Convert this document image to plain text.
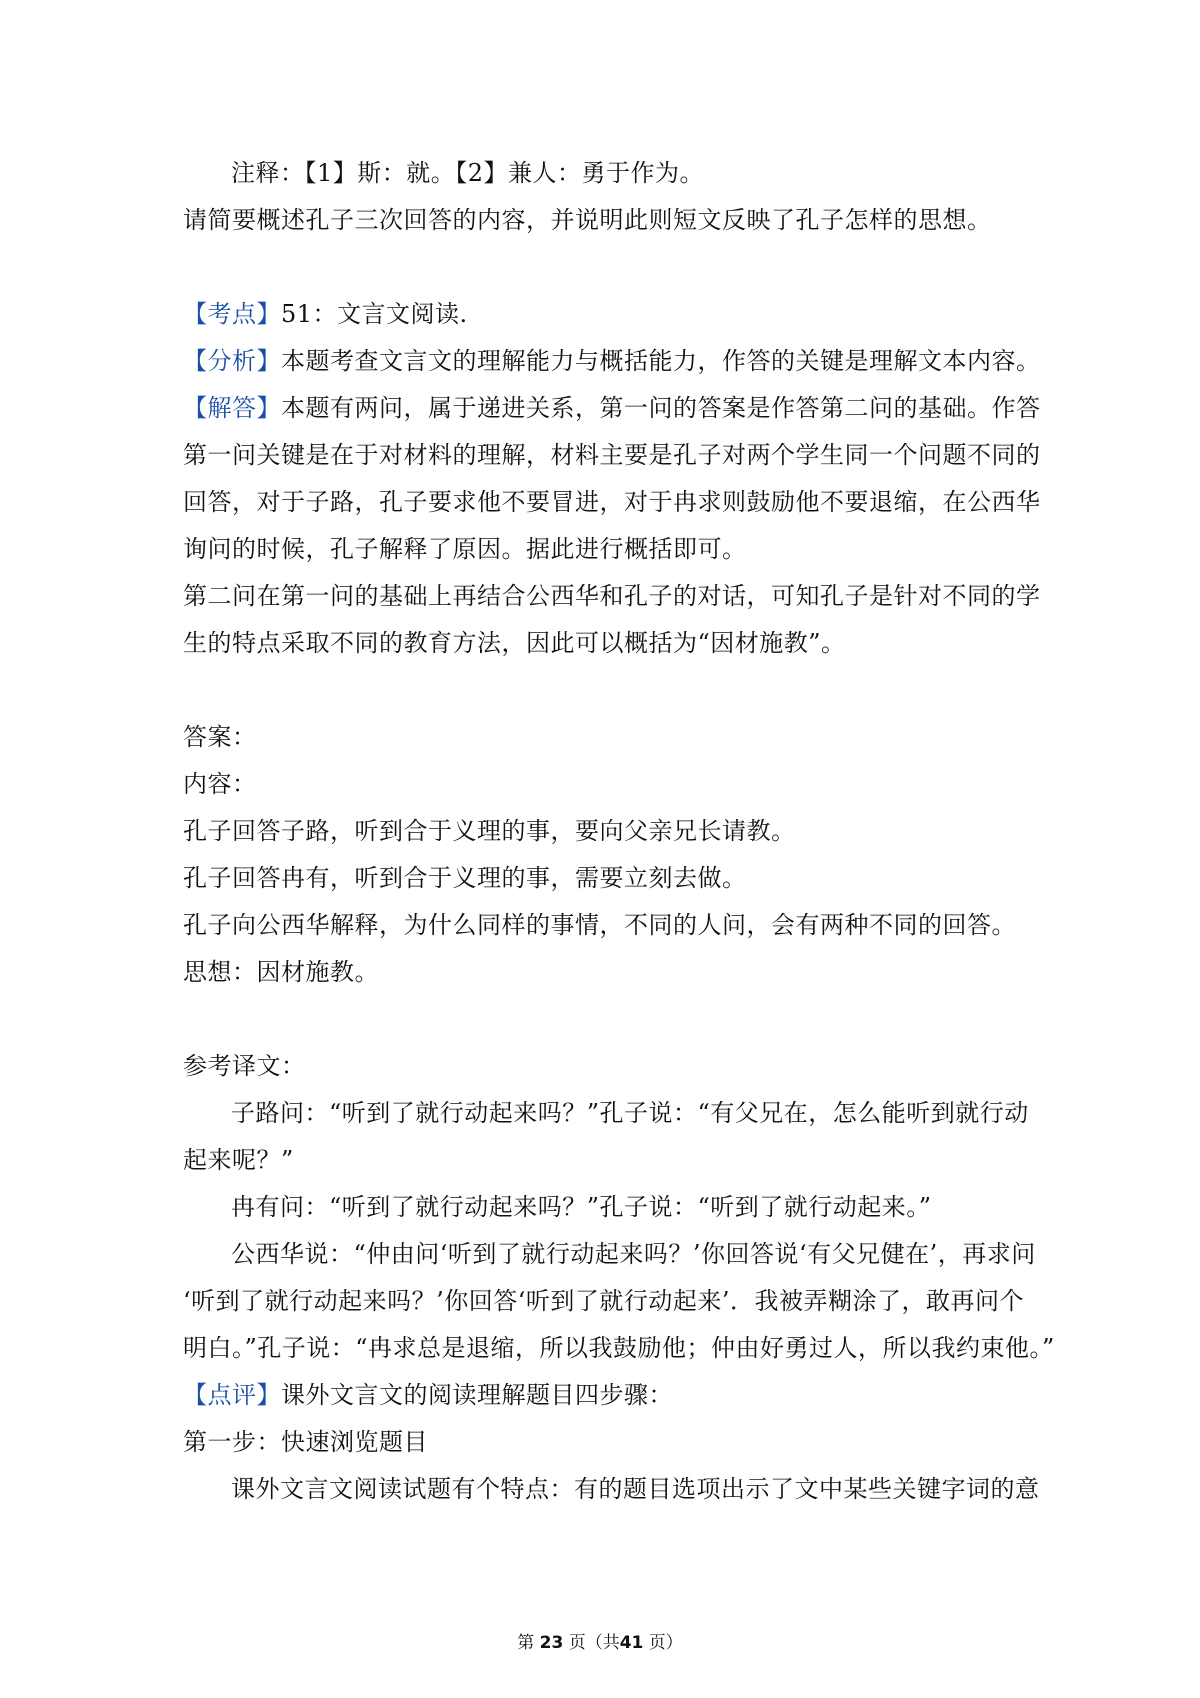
注释：【1】斯：就。【2】兼人：勇于作为。
请简要概述孔子三次回答的内容，并说明此则短文反映了孔子怎样的思想。
【考点】51：文言文阅读.
【分析】本题考查文言文的理解能力与概括能力，作答的关键是理解文本内容。
【解答】本题有两问，属于递进关系，第一问的答案是作答第二问的基础。作答
第一问关键是在于对材料的理解，材料主要是孔子对两个学生同一个问题不同的
回答，对于子路，孔子要求他不要冒进，对于冉求则鼓励他不要退缩，在公西华
询问的时候，孔子解释了原因。据此进行概括即可。
第二问在第一问的基础上再结合公西华和孔子的对话，可知孔子是针对不同的学
生的特点采取不同的教育方法，因此可以概括为“因材施教”。
答案：
内容：
孔子回答子路，听到合于义理的事，要向父亲兄长请教。
孔子回答冉有，听到合于义理的事，需要立刻去做。
孔子向公西华解释，为什么同样的事情，不同的人问，会有两种不同的回答。
思想：因材施教。
参考译文：
子路问：“听到了就行动起来吗？”孔子说：“有父兄在，怎么能听到就行动
起来呢？”
冉有问：“听到了就行动起来吗？”孔子说：“听到了就行动起来。”
公西华说：“仲由问‘听到了就行动起来吗？’你回答说‘有父兄健在’，再求问
‘听到了就行动起来吗？’你回答‘听到了就行动起来’．我被弄糊涂了，敢再问个
明白。”孔子说：“冉求总是退缩，所以我鼓励他；仲由好勇过人，所以我约束他。”
【点评】课外文言文的阅读理解题目四步骤：
第一步：快速浏览题目
课外文言文阅读试题有个特点：有的题目选项出示了文中某些关键字词的意
第 23 页（共41 页）
